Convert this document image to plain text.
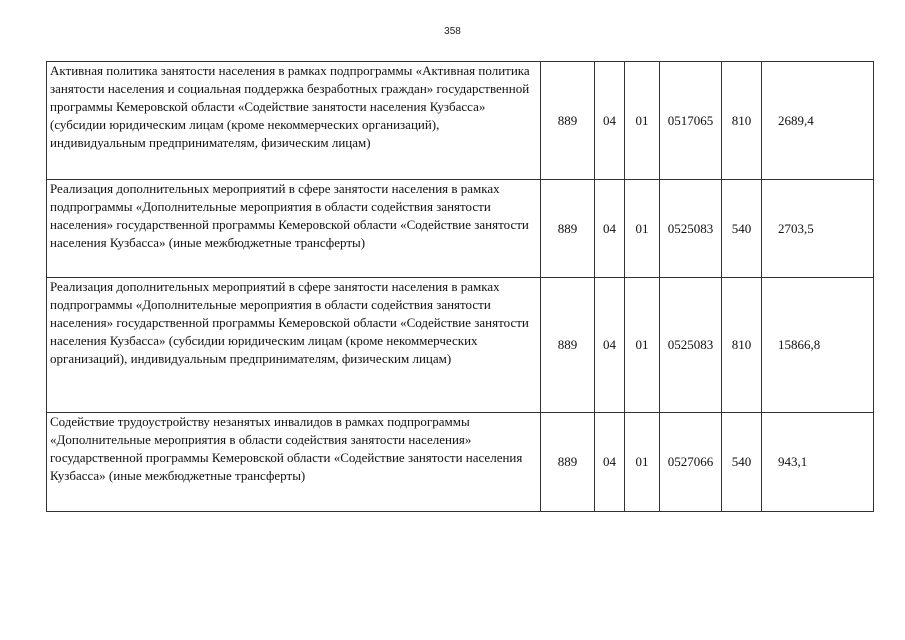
358
Активная политика занятости населения в рамках подпрограммы «Активная политика занятости населения и социальная поддержка безработных граждан» государственной программы Кемеровской области «Содействие занятости населения Кузбасса» (субсидии юридическим лицам (кроме некоммерческих организаций), индивидуальным предпринимателям, физическим лицам)	889	04	01	0517065	810	2689,4
Реализация дополнительных мероприятий в сфере занятости населения в рамках подпрограммы «Дополнительные мероприятия в области содействия занятости населения» государственной программы Кемеровской области «Содействие занятости населения Кузбасса» (иные межбюджетные трансферты)	889	04	01	0525083	540	2703,5
Реализация дополнительных мероприятий в сфере занятости населения в рамках подпрограммы «Дополнительные мероприятия в области содействия занятости населения» государственной программы Кемеровской области «Содействие занятости населения Кузбасса» (субсидии юридическим лицам (кроме некоммерческих организаций), индивидуальным предпринимателям, физическим лицам)	889	04	01	0525083	810	15866,8
Содействие трудоустройству незанятых инвалидов в рамках подпрограммы «Дополнительные мероприятия в области содействия занятости населения» государственной программы Кемеровской области «Содействие занятости населения Кузбасса» (иные межбюджетные трансферты)	889	04	01	0527066	540	943,1
